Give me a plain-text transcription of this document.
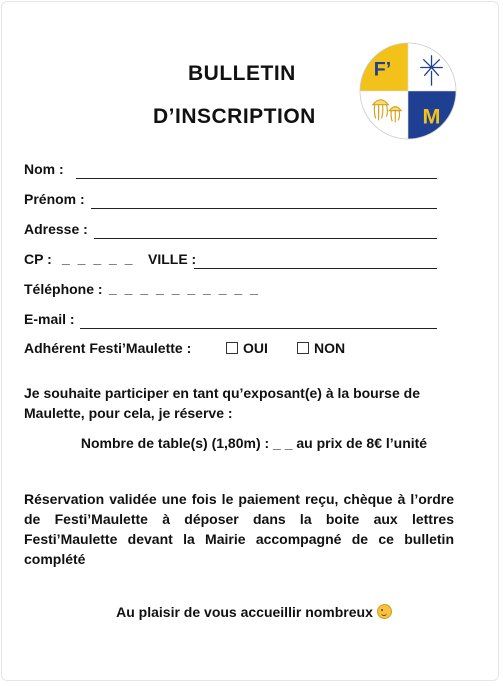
BULLETIN
D’INSCRIPTION
F’
M
Nom :
Prénom :
Adresse :
CP : _ _ _ _ _ VILLE :
Téléphone : _ _ _ _ _ _ _ _ _ _
E-mail :
Adhérent Festi’Maulette :	OUI	NON
Je souhaite participer en tant qu’exposant(e) à la bourse de Maulette, pour cela, je réserve :
Nombre de table(s) (1,80m) : _ _ au prix de 8€ l’unité
Réservation validée une fois le paiement reçu, chèque à l’ordre de Festi’Maulette à déposer dans la boite aux lettres Festi’Maulette devant la Mairie accompagné de ce bulletin complété
Au plaisir de vous accueillir nombreux
